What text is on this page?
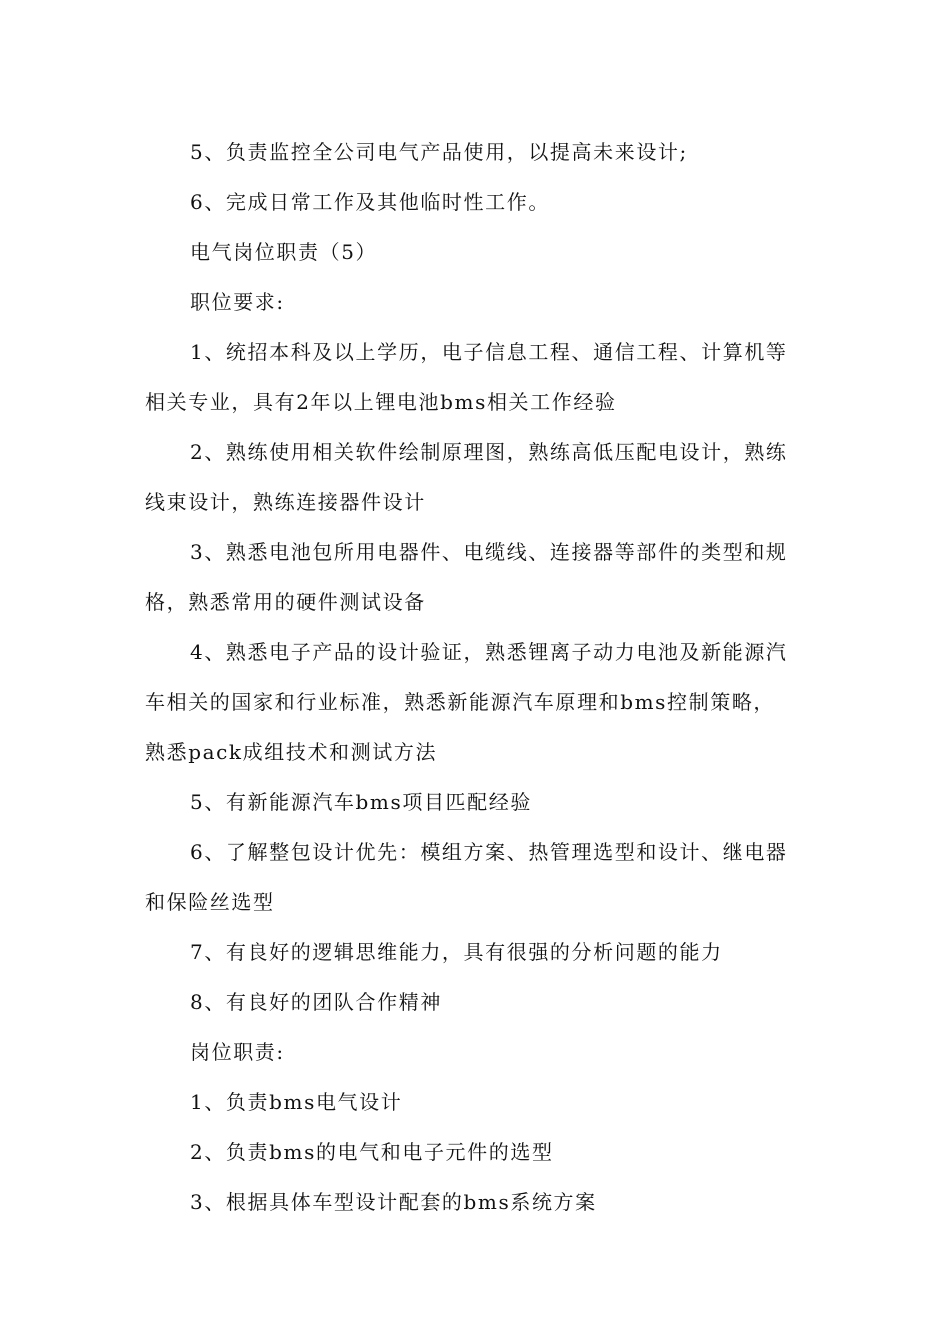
5、负责监控全公司电气产品使用，以提高未来设计;
6、完成日常工作及其他临时性工作。
电气岗位职责（5）
职位要求:
1、统招本科及以上学历，电子信息工程、通信工程、计算机等
相关专业，具有2年以上锂电池bms相关工作经验
2、熟练使用相关软件绘制原理图，熟练高低压配电设计，熟练
线束设计，熟练连接器件设计
3、熟悉电池包所用电器件、电缆线、连接器等部件的类型和规
格，熟悉常用的硬件测试设备
4、熟悉电子产品的设计验证，熟悉锂离子动力电池及新能源汽
车相关的国家和行业标准，熟悉新能源汽车原理和bms控制策略，
熟悉pack成组技术和测试方法
5、有新能源汽车bms项目匹配经验
6、了解整包设计优先：模组方案、热管理选型和设计、继电器
和保险丝选型
7、有良好的逻辑思维能力，具有很强的分析问题的能力
8、有良好的团队合作精神
岗位职责:
1、负责bms电气设计
2、负责bms的电气和电子元件的选型
3、根据具体车型设计配套的bms系统方案
